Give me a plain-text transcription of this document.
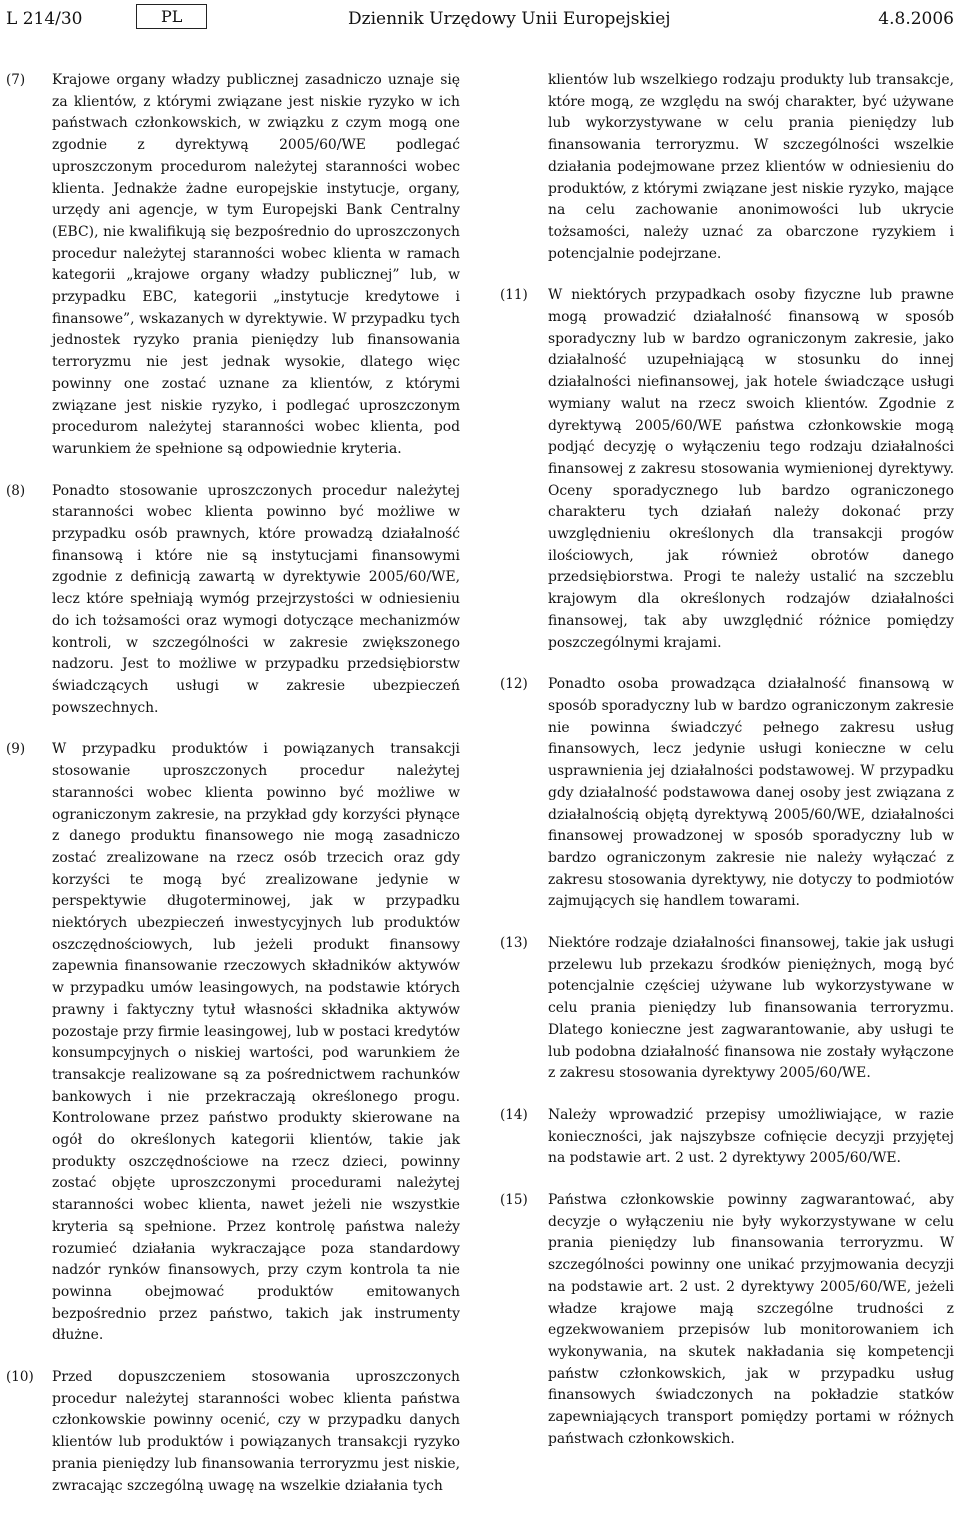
L 214/30	PL	Dziennik Urzędowy Unii Europejskiej	4.8.2006
(7)	Krajowe organy władzy publicznej zasadniczo uznaje się za klientów, z którymi związane jest niskie ryzyko w ich państwach członkowskich, w związku z czym mogą one zgodnie z dyrektywą 2005/60/WE podlegać uproszczonym procedurom należytej staranności wobec klienta. Jednakże żadne europejskie instytucje, organy, urzędy ani agencje, w tym Europejski Bank Centralny (EBC), nie kwalifikują się bezpośrednio do uproszczonych procedur należytej staranności wobec klienta w ramach kategorii „krajowe organy władzy publicznej” lub, w przypadku EBC, kategorii „instytucje kredytowe i finansowe”, wskazanych w dyrektywie. W przypadku tych jednostek ryzyko prania pieniędzy lub finansowania terroryzmu nie jest jednak wysokie, dlatego więc powinny one zostać uznane za klientów, z którymi związane jest niskie ryzyko, i podlegać uproszczonym procedurom należytej staranności wobec klienta, pod warunkiem że spełnione są odpowiednie kryteria.
(8)	Ponadto stosowanie uproszczonych procedur należytej staranności wobec klienta powinno być możliwe w przypadku osób prawnych, które prowadzą działalność finansową i które nie są instytucjami finansowymi zgodnie z definicją zawartą w dyrektywie 2005/60/WE, lecz które spełniają wymóg przejrzystości w odniesieniu do ich tożsamości oraz wymogi dotyczące mechanizmów kontroli, w szczególności w zakresie zwiększonego nadzoru. Jest to możliwe w przypadku przedsiębiorstw świadczących usługi w zakresie ubezpieczeń powszechnych.
(9)	W przypadku produktów i powiązanych transakcji stosowanie uproszczonych procedur należytej staranności wobec klienta powinno być możliwe w ograniczonym zakresie, na przykład gdy korzyści płynące z danego produktu finansowego nie mogą zasadniczo zostać zrealizowane na rzecz osób trzecich oraz gdy korzyści te mogą być zrealizowane jedynie w perspektywie długoterminowej, jak w przypadku niektórych ubezpieczeń inwestycyjnych lub produktów oszczędnościowych, lub jeżeli produkt finansowy zapewnia finansowanie rzeczowych składników aktywów w przypadku umów leasingowych, na podstawie których prawny i faktyczny tytuł własności składnika aktywów pozostaje przy firmie leasingowej, lub w postaci kredytów konsumpcyjnych o niskiej wartości, pod warunkiem że transakcje realizowane są za pośrednictwem rachunków bankowych i nie przekraczają określonego progu. Kontrolowane przez państwo produkty skierowane na ogół do określonych kategorii klientów, takie jak produkty oszczędnościowe na rzecz dzieci, powinny zostać objęte uproszczonymi procedurami należytej staranności wobec klienta, nawet jeżeli nie wszystkie kryteria są spełnione. Przez kontrolę państwa należy rozumieć działania wykraczające poza standardowy nadzór rynków finansowych, przy czym kontrola ta nie powinna obejmować produktów emitowanych bezpośrednio przez państwo, takich jak instrumenty dłużne.
(10)	Przed dopuszczeniem stosowania uproszczonych procedur należytej staranności wobec klienta państwa członkowskie powinny ocenić, czy w przypadku danych klientów lub produktów i powiązanych transakcji ryzyko prania pieniędzy lub finansowania terroryzmu jest niskie, zwracając szczególną uwagę na wszelkie działania tych
klientów lub wszelkiego rodzaju produkty lub transakcje, które mogą, ze względu na swój charakter, być używane lub wykorzystywane w celu prania pieniędzy lub finansowania terroryzmu. W szczególności wszelkie działania podejmowane przez klientów w odniesieniu do produktów, z którymi związane jest niskie ryzyko, mające na celu zachowanie anonimowości lub ukrycie tożsamości, należy uznać za obarczone ryzykiem i potencjalnie podejrzane.
(11)	W niektórych przypadkach osoby fizyczne lub prawne mogą prowadzić działalność finansową w sposób sporadyczny lub w bardzo ograniczonym zakresie, jako działalność uzupełniającą w stosunku do innej działalności niefinansowej, jak hotele świadczące usługi wymiany walut na rzecz swoich klientów. Zgodnie z dyrektywą 2005/60/WE państwa członkowskie mogą podjąć decyzję o wyłączeniu tego rodzaju działalności finansowej z zakresu stosowania wymienionej dyrektywy. Oceny sporadycznego lub bardzo ograniczonego charakteru tych działań należy dokonać przy uwzględnieniu określonych dla transakcji progów ilościowych, jak również obrotów danego przedsiębiorstwa. Progi te należy ustalić na szczeblu krajowym dla określonych rodzajów działalności finansowej, tak aby uwzględnić różnice pomiędzy poszczególnymi krajami.
(12)	Ponadto osoba prowadząca działalność finansową w sposób sporadyczny lub w bardzo ograniczonym zakresie nie powinna świadczyć pełnego zakresu usług finansowych, lecz jedynie usługi konieczne w celu usprawnienia jej działalności podstawowej. W przypadku gdy działalność podstawowa danej osoby jest związana z działalnością objętą dyrektywą 2005/60/WE, działalności finansowej prowadzonej w sposób sporadyczny lub w bardzo ograniczonym zakresie nie należy wyłączać z zakresu stosowania dyrektywy, nie dotyczy to podmiotów zajmujących się handlem towarami.
(13)	Niektóre rodzaje działalności finansowej, takie jak usługi przelewu lub przekazu środków pieniężnych, mogą być potencjalnie częściej używane lub wykorzystywane w celu prania pieniędzy lub finansowania terroryzmu. Dlatego konieczne jest zagwarantowanie, aby usługi te lub podobna działalność finansowa nie zostały wyłączone z zakresu stosowania dyrektywy 2005/60/WE.
(14)	Należy wprowadzić przepisy umożliwiające, w razie konieczności, jak najszybsze cofnięcie decyzji przyjętej na podstawie art. 2 ust. 2 dyrektywy 2005/60/WE.
(15)	Państwa członkowskie powinny zagwarantować, aby decyzje o wyłączeniu nie były wykorzystywane w celu prania pieniędzy lub finansowania terroryzmu. W szczególności powinny one unikać przyjmowania decyzji na podstawie art. 2 ust. 2 dyrektywy 2005/60/WE, jeżeli władze krajowe mają szczególne trudności z egzekwowaniem przepisów lub monitorowaniem ich wykonywania, na skutek nakładania się kompetencji państw członkowskich, jak w przypadku usług finansowych świadczonych na pokładzie statków zapewniających transport pomiędzy portami w różnych państwach członkowskich.
